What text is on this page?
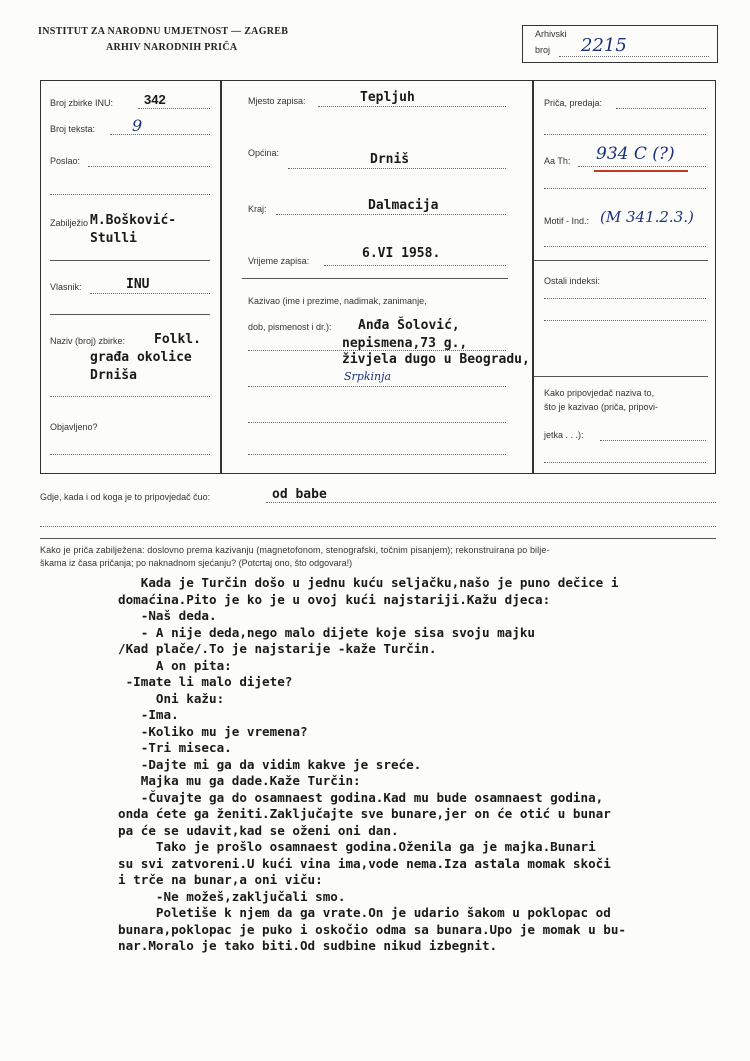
INSTITUT ZA NARODNU UMJETNOST — ZAGREB
ARHIV NARODNIH PRIČA
Arhivski
broj 2215
Broj zbirke INU: 342
Broj teksta: 9
Poslao:
Zabilježio M.Bošković-
Stulli
Vlasnik:	INU
Naziv (broj) zbirke: Folkl.
građa okolice
Drniša
Objavljeno?
Mjesto zapisa:	Tepljuh
Općina:	Drniš
Kraj:	Dalmacija
Vrijeme zapisa:	6.VI 1958.
Kazivao (ime i prezime, nadimak, zanimanje,
dob, pismenost i dr.): Anđa Šolović,
nepismena,73 g.,
živjela dugo u Beogradu,
Srpkinja
Priča, predaja:
Aa Th: 934 C (?)
Motif - Ind.: (M 341.2.3.)
Ostali indeksi:
Kako pripovjedač naziva to,
što je kazivao (priča, pripovi-
jetka . . .):
Gdje, kada i od koga je to pripovjedač čuo:	od babe
Kako je priča zabilježena: doslovno prema kazivanju (magnetofonom, stenografski, točnim pisanjem); rekonstruirana po bilje-
škama iz časa pričanja; po naknadnom sjećanju? (Potcrtaj ono, što odgovara!)
Kada je Turčin došo u jednu kuću seljačku,našo je puno dečice i
domaćina.Pito je ko je u ovoj kući najstariji.Kažu djeca:
-Naš deda.
- A nije deda,nego malo dijete koje sisa svoju majku
/Kad plače/.To je najstarije -kaže Turčin.
A on pita:
-Imate li malo dijete?
Oni kažu:
-Ima.
-Koliko mu je vremena?
-Tri miseca.
-Dajte mi ga da vidim kakve je sreće.
Majka mu ga dade.Kaže Turčin:
-Čuvajte ga do osamnaest godina.Kad mu bude osamnaest godina,
onda ćete ga ženiti.Zaključajte sve bunare,jer on će otić u bunar
pa će se udavit,kad se oženi oni dan.
Tako je prošlo osamnaest godina.Oženila ga je majka.Bunari
su svi zatvoreni.U kući vina ima,vode nema.Iza astala momak skoči
i trče na bunar,a oni viču:
-Ne možeš,zaključali smo.
Poletiše k njem da ga vrate.On je udario šakom u poklopac od
bunara,poklopac je puko i oskočio odma sa bunara.Upo je momak u bu-
nar.Moralo je tako biti.Od sudbine nikud izbegnit.
